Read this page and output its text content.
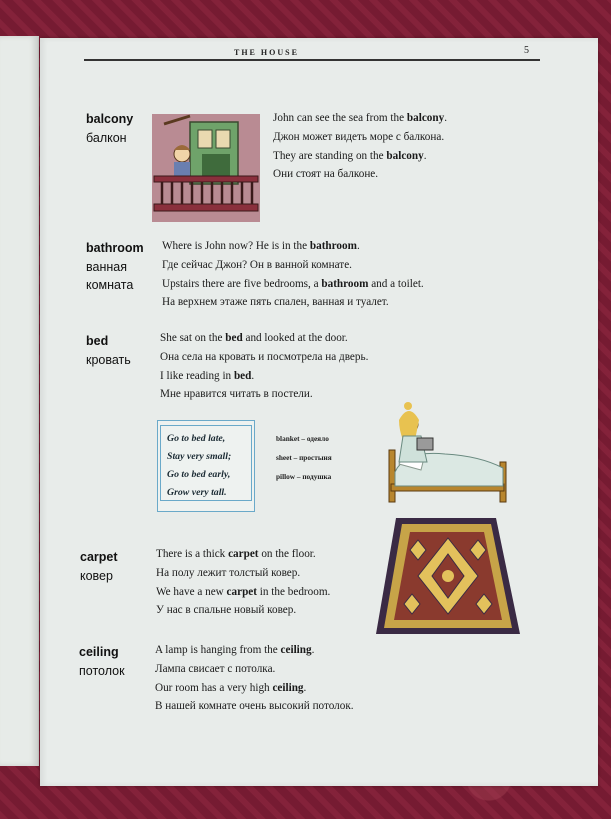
THE HOUSE	5
balcony
балкон
John can see the sea from the balcony.
Джон может видеть море с балкона.
They are standing on the balcony.
Они стоят на балконе.
bathroom
ванная
комната
Where is John now? He is in the bathroom.
Где сейчас Джон? Он в ванной комнате.
Upstairs there are five bedrooms, a bathroom and a toilet.
На верхнем этаже пять спален, ванная и туалет.
bed
кровать
She sat on the bed and looked at the door.
Она села на кровать и посмотрела на дверь.
I like reading in bed.
Мне нравится читать в постели.
carpet
ковер
There is a thick carpet on the floor.
На полу лежит толстый ковер.
We have a new carpet in the bedroom.
У нас в спальне новый ковер.
ceiling
потолок
A lamp is hanging from the ceiling.
Лампа свисает с потолка.
Our room has a very high ceiling.
В нашей комнате очень высокий потолок.
Go to bed late,
Stay very small;
Go to bed early,
Grow very tall.
blanket – одеяло
sheet – простыня
pillow – подушка
